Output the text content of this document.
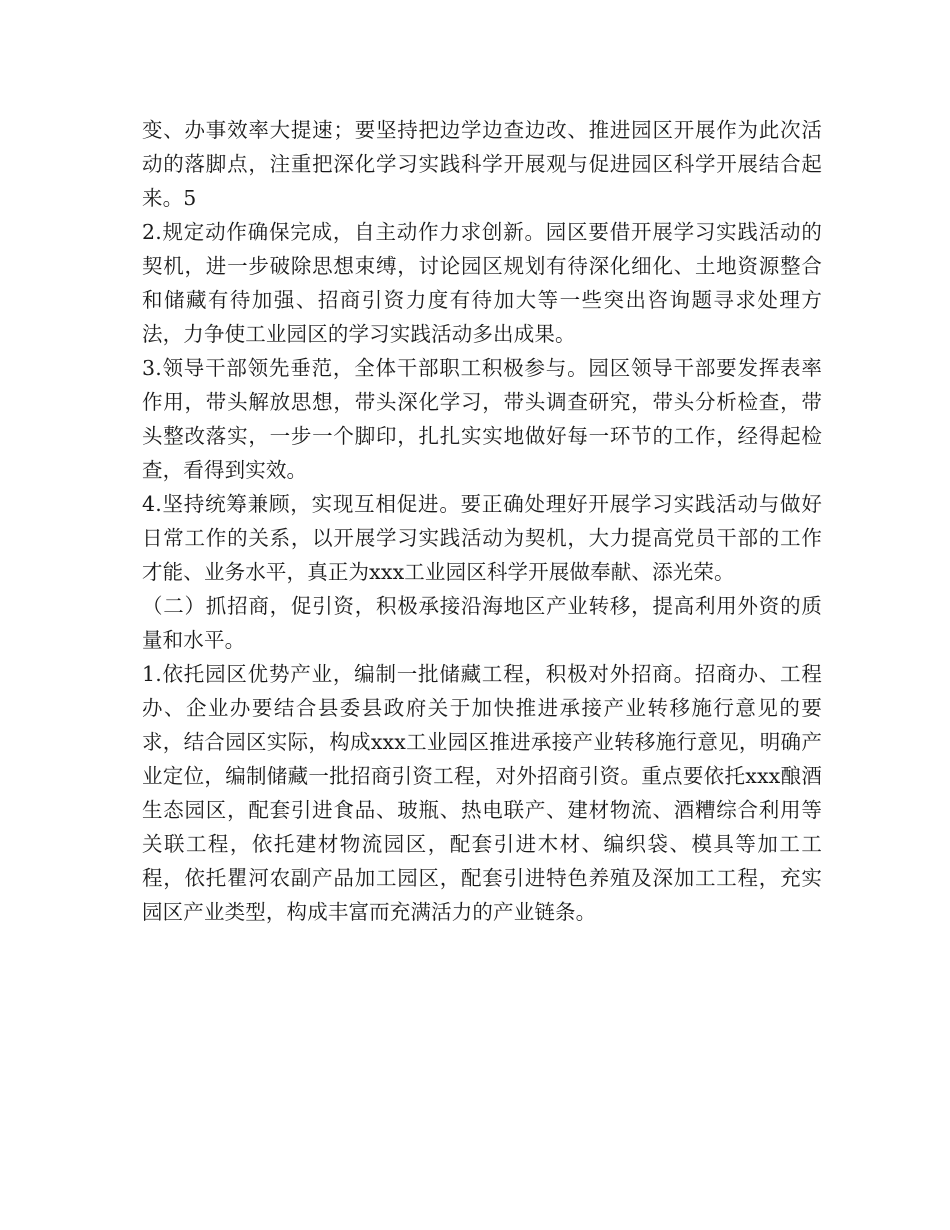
变、办事效率大提速；要坚持把边学边查边改、推进园区开展作为此次活动的落脚点，注重把深化学习实践科学开展观与促进园区科学开展结合起来。5

2.规定动作确保完成，自主动作力求创新。园区要借开展学习实践活动的契机，进一步破除思想束缚，讨论园区规划有待深化细化、土地资源整合和储藏有待加强、招商引资力度有待加大等一些突出咨询题寻求处理方法，力争使工业园区的学习实践活动多出成果。

3.领导干部领先垂范，全体干部职工积极参与。园区领导干部要发挥表率作用，带头解放思想，带头深化学习，带头调查研究，带头分析检查，带头整改落实，一步一个脚印，扎扎实实地做好每一环节的工作，经得起检查，看得到实效。

4.坚持统筹兼顾，实现互相促进。要正确处理好开展学习实践活动与做好日常工作的关系，以开展学习实践活动为契机，大力提高党员干部的工作才能、业务水平，真正为xxx工业园区科学开展做奉献、添光荣。

（二）抓招商，促引资，积极承接沿海地区产业转移，提高利用外资的质量和水平。

1.依托园区优势产业，编制一批储藏工程，积极对外招商。招商办、工程办、企业办要结合县委县政府关于加快推进承接产业转移施行意见的要求，结合园区实际，构成xxx工业园区推进承接产业转移施行意见，明确产业定位，编制储藏一批招商引资工程，对外招商引资。重点要依托xxx酿酒生态园区，配套引进食品、玻瓶、热电联产、建材物流、酒糟综合利用等关联工程，依托建材物流园区，配套引进木材、编织袋、模具等加工工程，依托瞿河农副产品加工园区，配套引进特色养殖及深加工工程，充实园区产业类型，构成丰富而充满活力的产业链条。
